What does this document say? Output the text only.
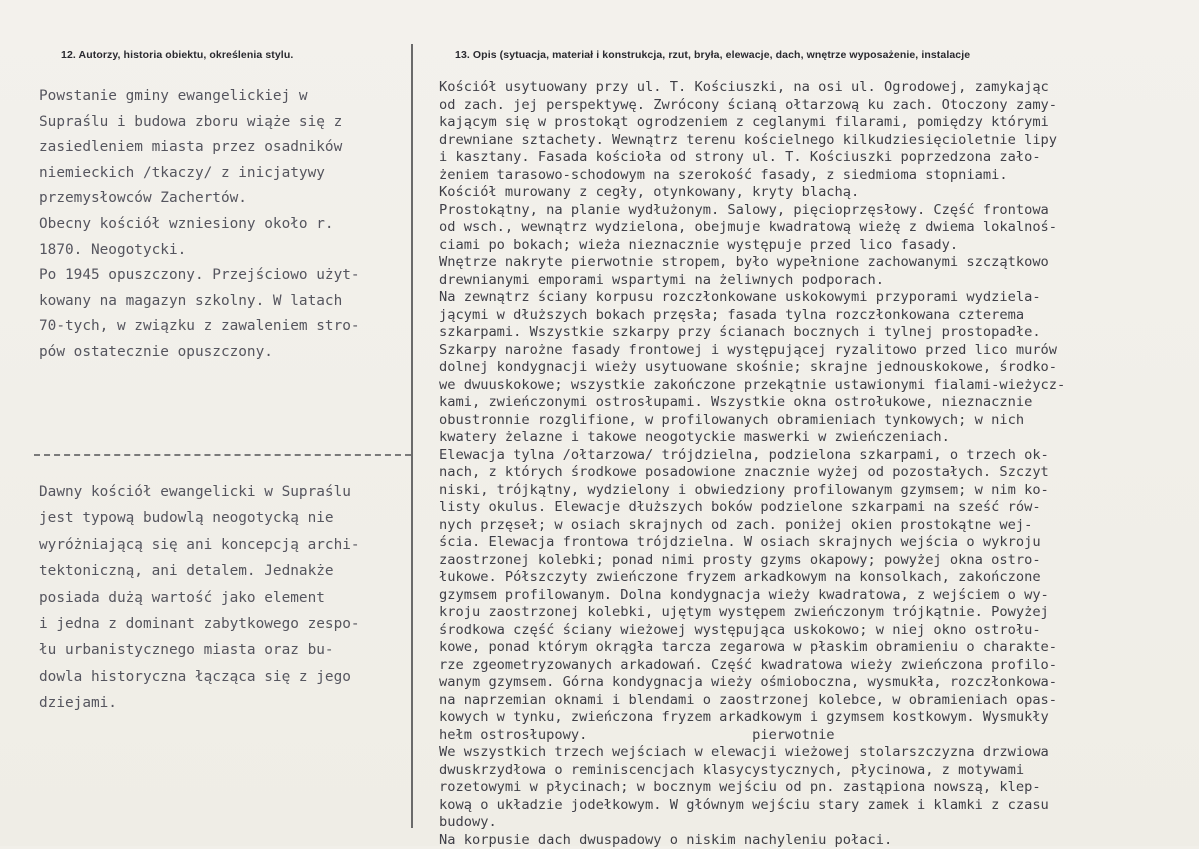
12. Autorzy, historia obiektu, określenia stylu.	13. Opis (sytuacja, materiał i konstrukcja, rzut, bryła, elewacje, dach, wnętrze wyposażenie, instalacje
Powstanie gminy ewangelickiej w
Supraślu i budowa zboru wiąże się z
zasiedleniem miasta przez osadników
niemieckich /tkaczy/ z inicjatywy
przemysłowców Zachertów.
Obecny kościół wzniesiony około r.
1870. Neogotycki.
Po 1945 opuszczony. Przejściowo użyt-
kowany na magazyn szkolny. W latach
70-tych, w związku z zawaleniem stro-
pów ostatecznie opuszczony.
Dawny kościół ewangelicki w Supraślu
jest typową budowlą neogotycką nie
wyróżniającą się ani koncepcją archi-
tektoniczną, ani detalem. Jednakże
posiada dużą wartość jako element
i jedna z dominant zabytkowego zespo-
łu urbanistycznego miasta oraz bu-
dowla historyczna łącząca się z jego
dziejami.
Kościół usytuowany przy ul. T. Kościuszki, na osi ul. Ogrodowej, zamykając
od zach. jej perspektywę. Zwrócony ścianą ołtarzową ku zach. Otoczony zamy-
kającym się w prostokąt ogrodzeniem z ceglanymi filarami, pomiędzy którymi
drewniane sztachety. Wewnątrz terenu kościelnego kilkudziesięcioletnie lipy
i kasztany. Fasada kościoła od strony ul. T. Kościuszki poprzedzona zało-
żeniem tarasowo-schodowym na szerokość fasady, z siedmioma stopniami.
Kościół murowany z cegły, otynkowany, kryty blachą.
Prostokątny, na planie wydłużonym. Salowy, pięcioprzęsłowy. Część frontowa
od wsch., wewnątrz wydzielona, obejmuje kwadratową wieżę z dwiema lokalnoś-
ciami po bokach; wieża nieznacznie występuje przed lico fasady.
Wnętrze nakryte pierwotnie stropem, było wypełnione zachowanymi szczątkowo
drewnianymi emporami wspartymi na żeliwnych podporach.
Na zewnątrz ściany korpusu rozczłonkowane uskokowymi przyporami wydziela-
jącymi w dłuższych bokach przęsła; fasada tylna rozczłonkowana czterema
szkarpami. Wszystkie szkarpy przy ścianach bocznych i tylnej prostopadłe.
Szkarpy narożne fasady frontowej i występującej ryzalitowo przed lico murów
dolnej kondygnacji wieży usytuowane skośnie; skrajne jednouskokowe, środko-
we dwuuskokowe; wszystkie zakończone przekątnie ustawionymi fialami-wieżycz-
kami, zwieńczonymi ostrosłupami. Wszystkie okna ostrołukowe, nieznacznie
obustronnie rozglifione, w profilowanych obramieniach tynkowych; w nich
kwatery żelazne i takowe neogotyckie maswerki w zwieńczeniach.
Elewacja tylna /ołtarzowa/ trójdzielna, podzielona szkarpami, o trzech ok-
nach, z których środkowe posadowione znacznie wyżej od pozostałych. Szczyt
niski, trójkątny, wydzielony i obwiedziony profilowanym gzymsem; w nim ko-
listy okulus. Elewacje dłuższych boków podzielone szkarpami na sześć rów-
nych przęseł; w osiach skrajnych od zach. poniżej okien prostokątne wej-
ścia. Elewacja frontowa trójdzielna. W osiach skrajnych wejścia o wykroju
zaostrzonej kolebki; ponad nimi prosty gzyms okapowy; powyżej okna ostro-
łukowe. Półszczyty zwieńczone fryzem arkadkowym na konsolkach, zakończone
gzymsem profilowanym. Dolna kondygnacja wieży kwadratowa, z wejściem o wy-
kroju zaostrzonej kolebki, ujętym występem zwieńczonym trójkątnie. Powyżej
środkowa część ściany wieżowej występująca uskokowo; w niej okno ostrołu-
kowe, ponad którym okrągła tarcza zegarowa w płaskim obramieniu o charakte-
rze zgeometryzowanych arkadowań. Część kwadratowa wieży zwieńczona profilo-
wanym gzymsem. Górna kondygnacja wieży ośmioboczna, wysmukła, rozczłonkowa-
na naprzemian oknami i blendami o zaostrzonej kolebce, w obramieniach opas-
kowych w tynku, zwieńczona fryzem arkadkowym i gzymsem kostkowym. Wysmukły
hełm ostrosłupowy.                    pierwotnie
We wszystkich trzech wejściach w elewacji wieżowej stolarszczyzna drzwiowa
dwuskrzydłowa o reminiscencjach klasycystycznych, płycinowa, z motywami
rozetowymi w płycinach; w bocznym wejściu od pn. zastąpiona nowszą, klep-
kową o układzie jodełkowym. W głównym wejściu stary zamek i klamki z czasu
budowy.
Na korpusie dach dwuspadowy o niskim nachyleniu połaci.
